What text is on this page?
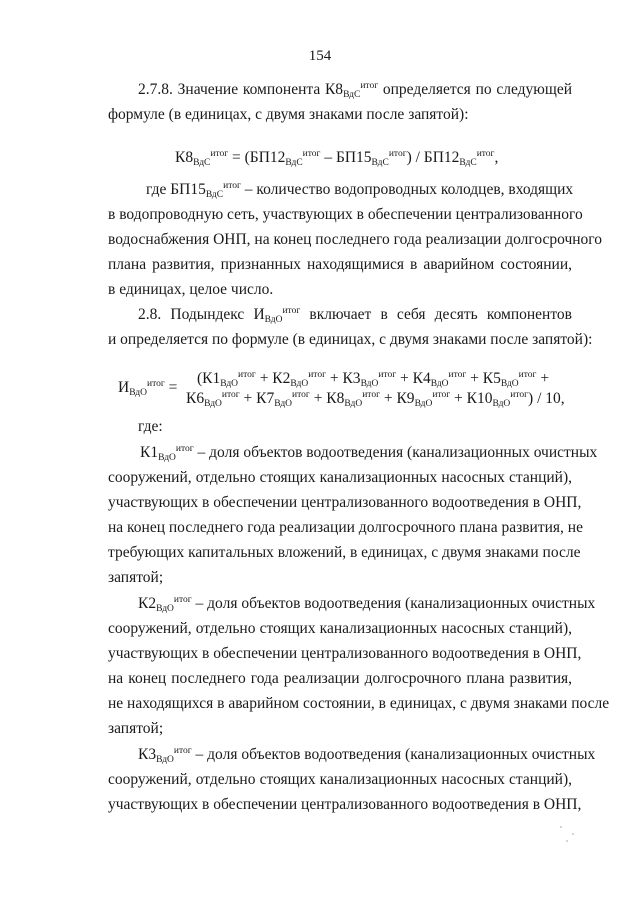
154
2.7.8. Значение компонента $К8_{ВдС}^{итог}$ определяется по следующей
формуле (в единицах, с двумя знаками после запятой):
$К8_{ВдС}^{итог} = (БП12_{ВдС}^{итог} - БП15_{ВдС}^{итог}) / БП12_{ВдС}^{итог}$,
где $БП15_{ВдС}^{итог}$ – количество водопроводных колодцев, входящих
в водопроводную сеть, участвующих в обеспечении централизованного
водоснабжения ОНП, на конец последнего года реализации долгосрочного
плана развития, признанных находящимися в аварийном состоянии,
в единицах, целое число.
2.8. Подындекс $И_{ВдО}^{итог}$ включает в себя десять компонентов
и определяется по формуле (в единицах, с двумя знаками после запятой):
$И_{ВдО}^{итог}$ =
($К1_{ВдО}^{итог} + К2_{ВдО}^{итог} + К3_{ВдО}^{итог} + К4_{ВдО}^{итог} + К5_{ВдО}^{итог}$ +
$К6_{ВдО}^{итог} + К7_{ВдО}^{итог} + К8_{ВдО}^{итог} + К9_{ВдО}^{итог} + К10_{ВдО}^{итог}) / 10$,
где:
$К1_{ВдО}^{итог}$ – доля объектов водоотведения (канализационных очистных
сооружений, отдельно стоящих канализационных насосных станций),
участвующих в обеспечении централизованного водоотведения в ОНП,
на конец последнего года реализации долгосрочного плана развития, не
требующих капитальных вложений, в единицах, с двумя знаками после
запятой;
$К2_{ВдО}^{итог}$ – доля объектов водоотведения (канализационных очистных
сооружений, отдельно стоящих канализационных насосных станций),
участвующих в обеспечении централизованного водоотведения в ОНП,
на конец последнего года реализации долгосрочного плана развития,
не находящихся в аварийном состоянии, в единицах, с двумя знаками после
запятой;
$К3_{ВдО}^{итог}$ – доля объектов водоотведения (канализационных очистных
сооружений, отдельно стоящих канализационных насосных станций),
участвующих в обеспечении централизованного водоотведения в ОНП,
